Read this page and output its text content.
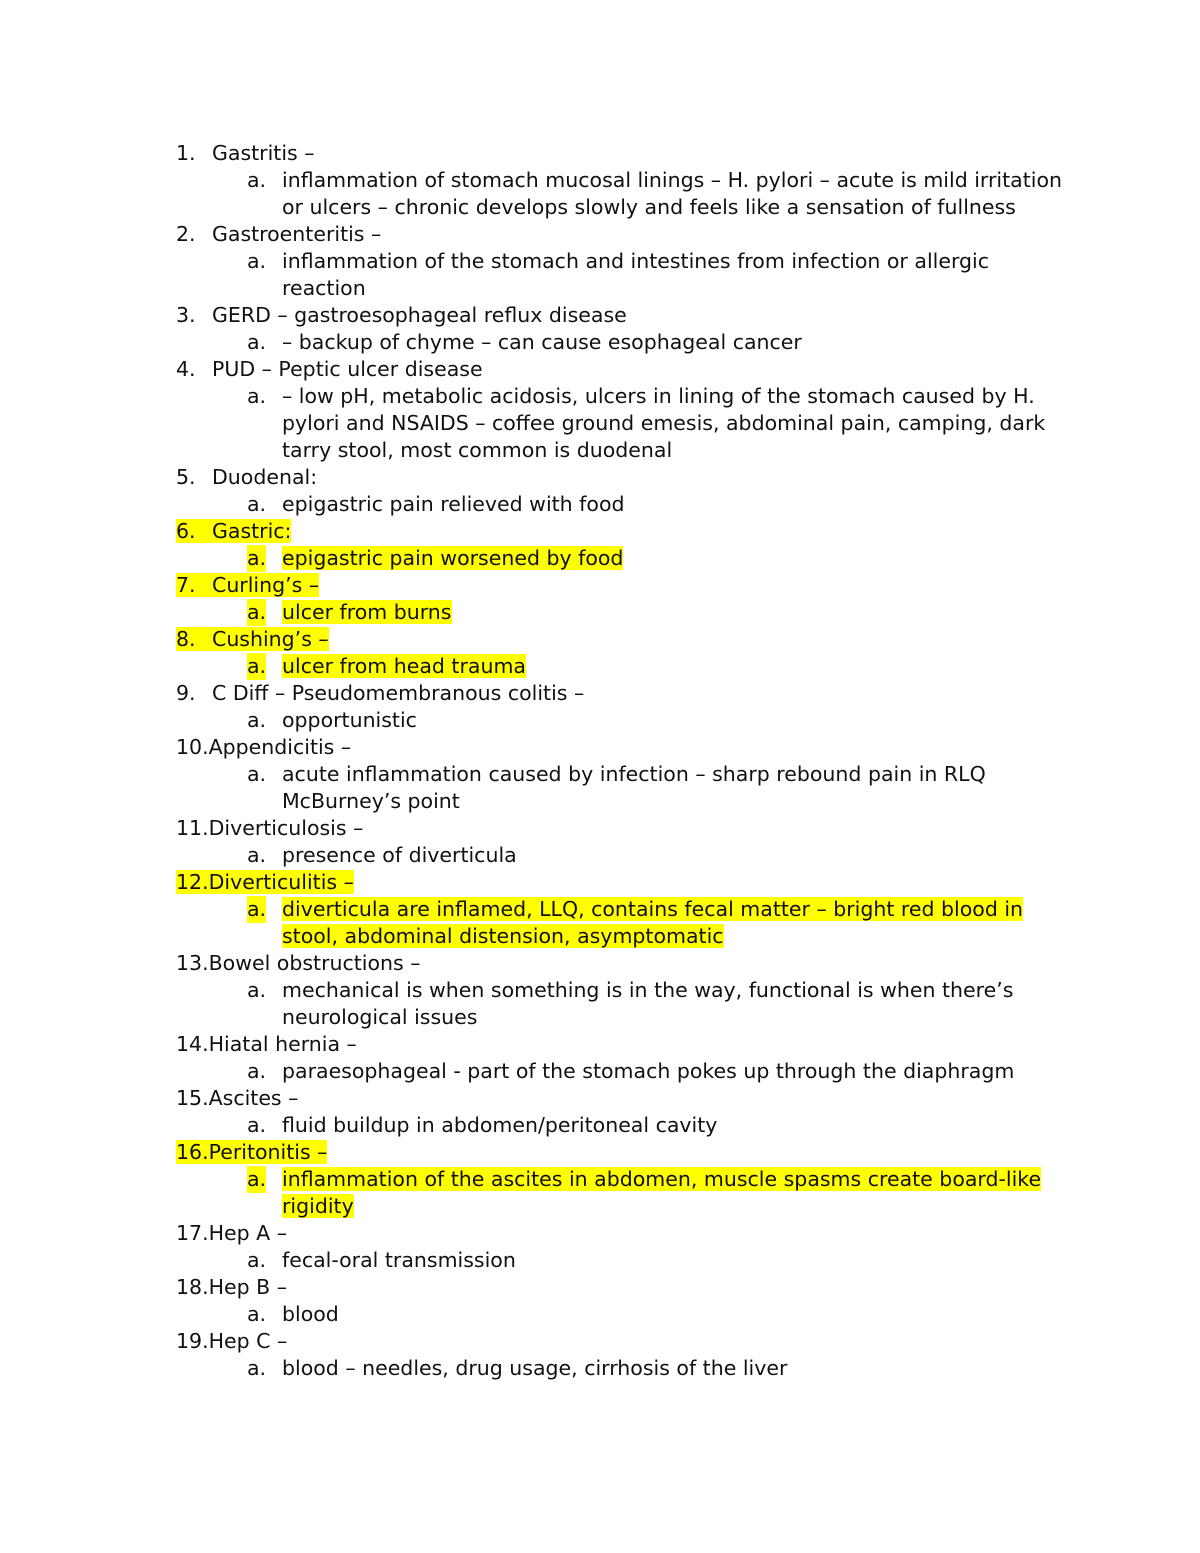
1. Gastritis –
a. inflammation of stomach mucosal linings – H. pylori – acute is mild irritation or ulcers – chronic develops slowly and feels like a sensation of fullness
2. Gastroenteritis –
a. inflammation of the stomach and intestines from infection or allergic reaction
3. GERD – gastroesophageal reflux disease
a. – backup of chyme – can cause esophageal cancer
4. PUD – Peptic ulcer disease
a. – low pH, metabolic acidosis, ulcers in lining of the stomach caused by H. pylori and NSAIDS – coffee ground emesis, abdominal pain, camping, dark tarry stool, most common is duodenal
5. Duodenal:
a. epigastric pain relieved with food
6. Gastric:
a. epigastric pain worsened by food
7. Curling’s –
a. ulcer from burns
8. Cushing’s –
a. ulcer from head trauma
9. C Diff – Pseudomembranous colitis –
a. opportunistic
10.Appendicitis –
a. acute inflammation caused by infection – sharp rebound pain in RLQ McBurney’s point
11.Diverticulosis –
a. presence of diverticula
12.Diverticulitis –
a. diverticula are inflamed, LLQ, contains fecal matter – bright red blood in stool, abdominal distension, asymptomatic
13.Bowel obstructions –
a. mechanical is when something is in the way, functional is when there’s neurological issues
14.Hiatal hernia –
a. paraesophageal - part of the stomach pokes up through the diaphragm
15.Ascites –
a. fluid buildup in abdomen/peritoneal cavity
16.Peritonitis –
a. inflammation of the ascites in abdomen, muscle spasms create board-like rigidity
17.Hep A –
a. fecal-oral transmission
18.Hep B –
a. blood
19.Hep C –
a. blood – needles, drug usage, cirrhosis of the liver
